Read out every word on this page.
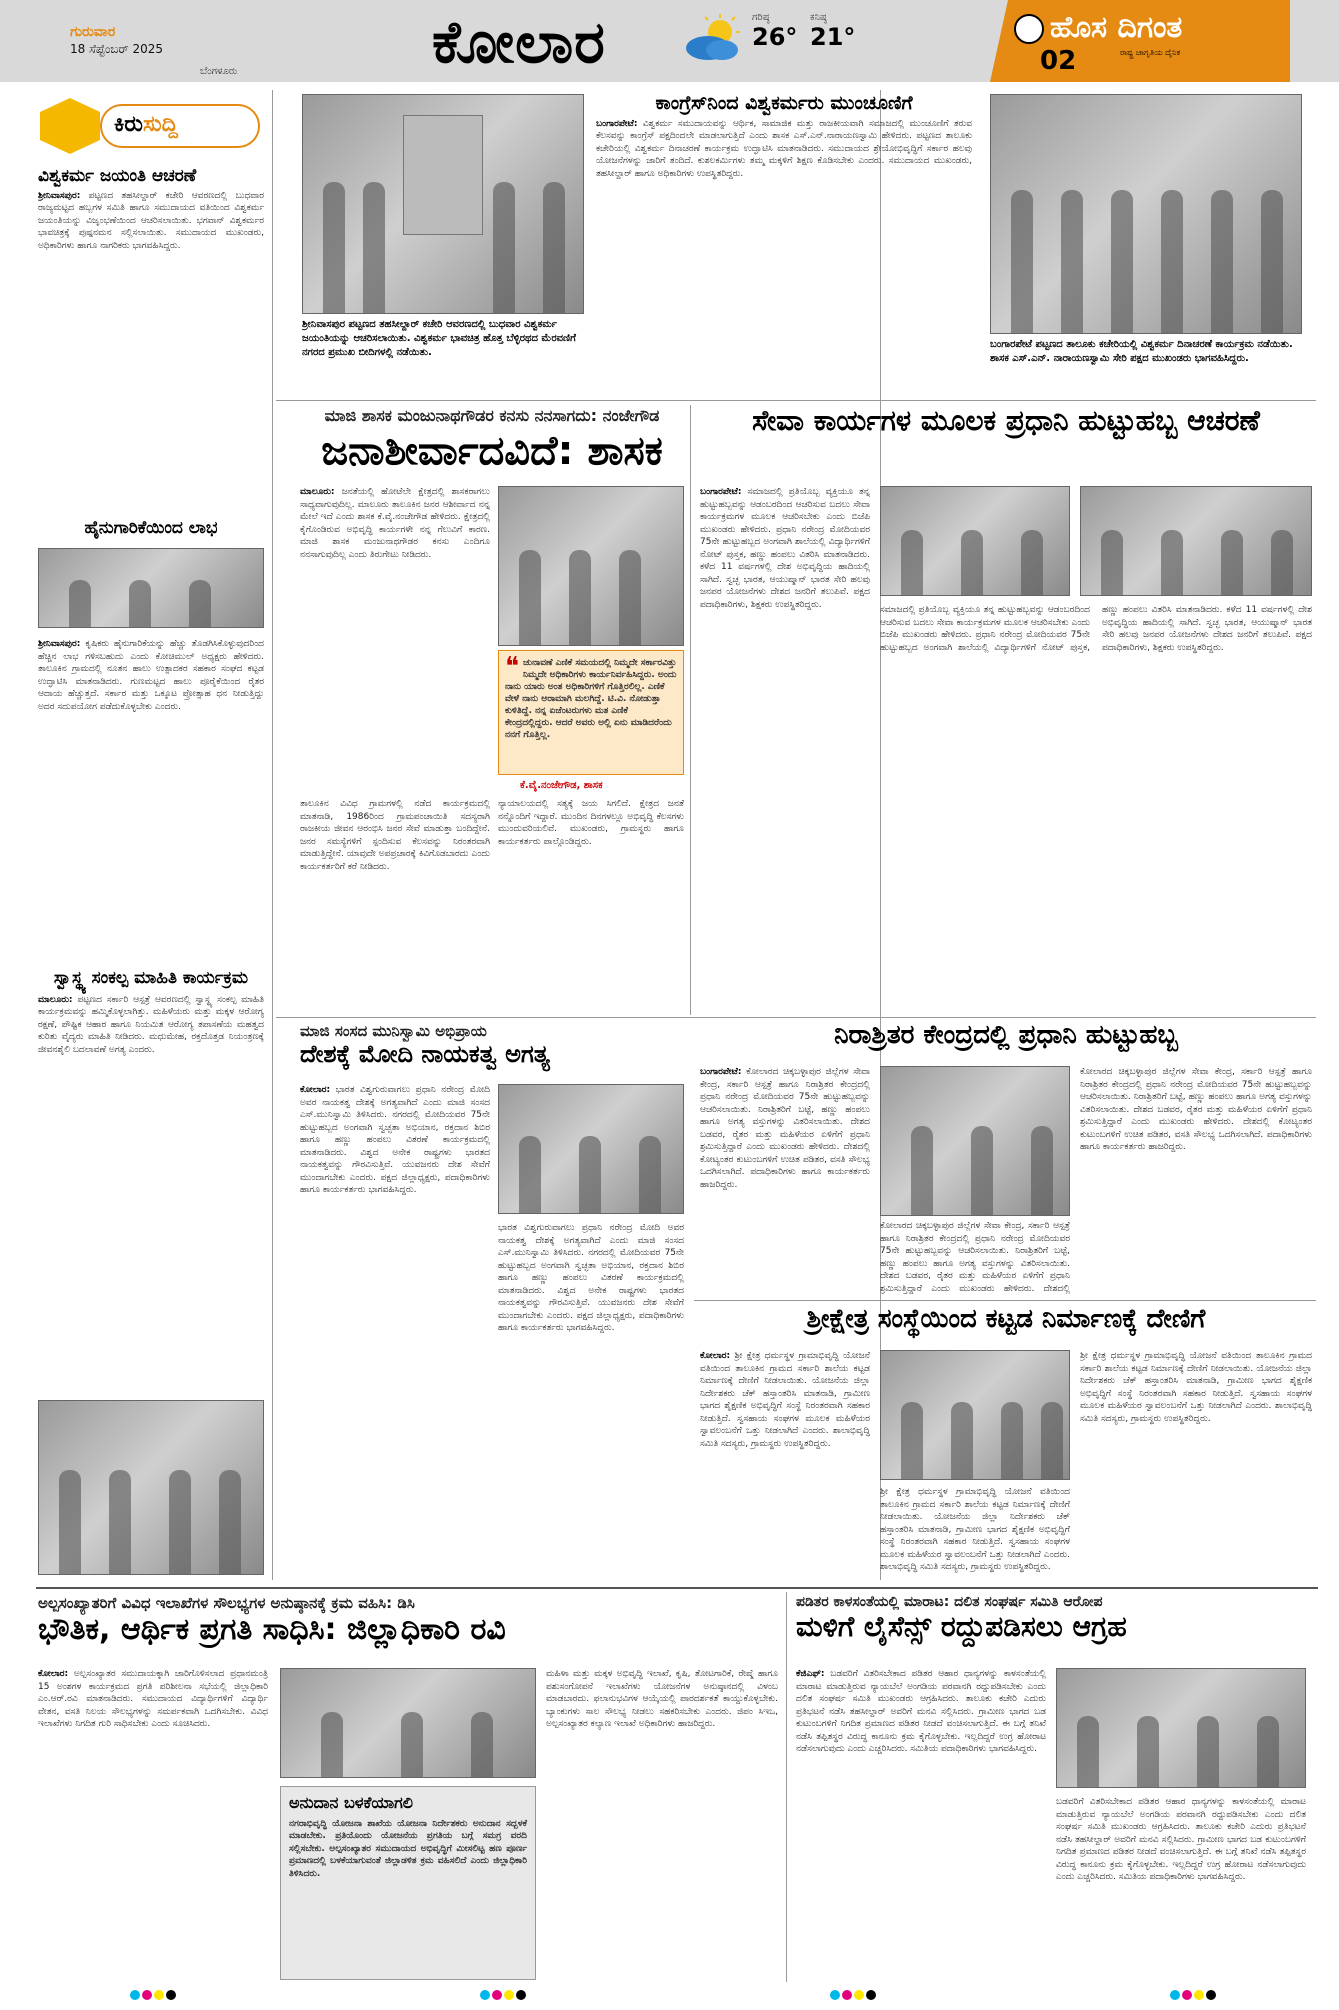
ಗುರುವಾರ
18 ಸೆಪ್ಟೆಂಬರ್ 2025
ಬೆಂಗಳೂರು	ಕೋಲಾರ	ಗರಿಷ್ಠ
26°
ಕನಿಷ್ಠ
21°	ಹೊಸ ದಿಗಂತ
ರಾಷ್ಟ್ರ ಜಾಗೃತಿಯ ದೈನಿಕ
02
ಕಿರುಸುದ್ದಿ
ವಿಶ್ವಕರ್ಮ ಜಯಂತಿ ಆಚರಣೆ
ಶ್ರೀನಿವಾಸಪುರ: ಪಟ್ಟಣದ ತಹಸೀಲ್ದಾರ್ ಕಚೇರಿ ಆವರಣದಲ್ಲಿ ಬುಧವಾರ ರಾಜ್ಯಮಟ್ಟದ ಹಬ್ಬಗಳ ಸಮಿತಿ ಹಾಗೂ ಸಮುದಾಯದ ವತಿಯಿಂದ ವಿಶ್ವಕರ್ಮ ಜಯಂತಿಯನ್ನು ವಿಜೃಂಭಣೆಯಿಂದ ಆಚರಿಸಲಾಯಿತು. ಭಗವಾನ್ ವಿಶ್ವಕರ್ಮರ ಭಾವಚಿತ್ರಕ್ಕೆ ಪುಷ್ಪನಮನ ಸಲ್ಲಿಸಲಾಯಿತು. ಸಮುದಾಯದ ಮುಖಂಡರು, ಅಧಿಕಾರಿಗಳು ಹಾಗೂ ನಾಗರಿಕರು ಭಾಗವಹಿಸಿದ್ದರು.
ಹೈನುಗಾರಿಕೆಯಿಂದ ಲಾಭ
ಶ್ರೀನಿವಾಸಪುರ: ಕೃಷಿಕರು ಹೈನುಗಾರಿಕೆಯನ್ನು ಹೆಚ್ಚು ತೊಡಗಿಸಿಕೊಳ್ಳುವುದರಿಂದ ಹೆಚ್ಚಿನ ಲಾಭ ಗಳಿಸಬಹುದು ಎಂದು ಕೋಚಿಮುಲ್ ಅಧ್ಯಕ್ಷರು ಹೇಳಿದರು. ತಾಲೂಕಿನ ಗ್ರಾಮದಲ್ಲಿ ನೂತನ ಹಾಲು ಉತ್ಪಾದಕರ ಸಹಕಾರ ಸಂಘದ ಕಟ್ಟಡ ಉದ್ಘಾಟಿಸಿ ಮಾತನಾಡಿದರು. ಗುಣಮಟ್ಟದ ಹಾಲು ಪೂರೈಕೆಯಿಂದ ರೈತರ ಆದಾಯ ಹೆಚ್ಚುತ್ತದೆ. ಸರ್ಕಾರ ಮತ್ತು ಒಕ್ಕೂಟ ಪ್ರೋತ್ಸಾಹ ಧನ ನೀಡುತ್ತಿದ್ದು ಅದರ ಸದುಪಯೋಗ ಪಡೆದುಕೊಳ್ಳಬೇಕು ಎಂದರು.
ಸ್ವಾಸ್ಥ್ಯ ಸಂಕಲ್ಪ ಮಾಹಿತಿ ಕಾರ್ಯಕ್ರಮ
ಮಾಲೂರು: ಪಟ್ಟಣದ ಸರ್ಕಾರಿ ಆಸ್ಪತ್ರೆ ಆವರಣದಲ್ಲಿ ಸ್ವಾಸ್ಥ್ಯ ಸಂಕಲ್ಪ ಮಾಹಿತಿ ಕಾರ್ಯಕ್ರಮವನ್ನು ಹಮ್ಮಿಕೊಳ್ಳಲಾಗಿತ್ತು. ಮಹಿಳೆಯರು ಮತ್ತು ಮಕ್ಕಳ ಆರೋಗ್ಯ ರಕ್ಷಣೆ, ಪೌಷ್ಟಿಕ ಆಹಾರ ಹಾಗೂ ನಿಯಮಿತ ಆರೋಗ್ಯ ತಪಾಸಣೆಯ ಮಹತ್ವದ ಕುರಿತು ವೈದ್ಯರು ಮಾಹಿತಿ ನೀಡಿದರು. ಮಧುಮೇಹ, ರಕ್ತದೊತ್ತಡ ನಿಯಂತ್ರಣಕ್ಕೆ ಜೀವನಶೈಲಿ ಬದಲಾವಣೆ ಅಗತ್ಯ ಎಂದರು.
ಶ್ರೀನಿವಾಸಪುರ ಪಟ್ಟಣದ ತಹಸೀಲ್ದಾರ್ ಕಚೇರಿ ಆವರಣದಲ್ಲಿ ಬುಧವಾರ ವಿಶ್ವಕರ್ಮ ಜಯಂತಿಯನ್ನು ಆಚರಿಸಲಾಯಿತು. ವಿಶ್ವಕರ್ಮ ಭಾವಚಿತ್ರ ಹೊತ್ತ ಬೆಳ್ಳಿರಥದ ಮೆರವಣಿಗೆ ನಗರದ ಪ್ರಮುಖ ಬೀದಿಗಳಲ್ಲಿ ನಡೆಯಿತು.
ಕಾಂಗ್ರೆಸ್‌ನಿಂದ ವಿಶ್ವಕರ್ಮರು ಮುಂಚೂಣಿಗೆ
ಬಂಗಾರಪೇಟೆ: ವಿಶ್ವಕರ್ಮ ಸಮುದಾಯವನ್ನು ಆರ್ಥಿಕ, ಸಾಮಾಜಿಕ ಮತ್ತು ರಾಜಕೀಯವಾಗಿ ಸಮಾಜದಲ್ಲಿ ಮುಂಚೂಣಿಗೆ ತರುವ ಕೆಲಸವನ್ನು ಕಾಂಗ್ರೆಸ್ ಪಕ್ಷದಿಂದಲೇ ಮಾಡಲಾಗುತ್ತಿದೆ ಎಂದು ಶಾಸಕ ಎಸ್.ಎನ್.ನಾರಾಯಣಸ್ವಾಮಿ ಹೇಳಿದರು. ಪಟ್ಟಣದ ತಾಲೂಕು ಕಚೇರಿಯಲ್ಲಿ ವಿಶ್ವಕರ್ಮ ದಿನಾಚರಣೆ ಕಾರ್ಯಕ್ರಮ ಉದ್ಘಾಟಿಸಿ ಮಾತನಾಡಿದರು. ಸಮುದಾಯದ ಶ್ರೇಯೋಭಿವೃದ್ಧಿಗೆ ಸರ್ಕಾರ ಹಲವು ಯೋಜನೆಗಳನ್ನು ಜಾರಿಗೆ ತಂದಿದೆ. ಕುಶಲಕರ್ಮಿಗಳು ತಮ್ಮ ಮಕ್ಕಳಿಗೆ ಶಿಕ್ಷಣ ಕೊಡಿಸಬೇಕು ಎಂದರು. ಸಮುದಾಯದ ಮುಖಂಡರು, ತಹಸೀಲ್ದಾರ್ ಹಾಗೂ ಅಧಿಕಾರಿಗಳು ಉಪಸ್ಥಿತರಿದ್ದರು.
ಬಂಗಾರಪೇಟೆ ಪಟ್ಟಣದ ತಾಲೂಕು ಕಚೇರಿಯಲ್ಲಿ ವಿಶ್ವಕರ್ಮ ದಿನಾಚರಣೆ ಕಾರ್ಯಕ್ರಮ ನಡೆಯಿತು. ಶಾಸಕ ಎಸ್.ಎನ್. ನಾರಾಯಣಸ್ವಾಮಿ ಸೇರಿ ಪಕ್ಷದ ಮುಖಂಡರು ಭಾಗವಹಿಸಿದ್ದರು.
ಮಾಜಿ ಶಾಸಕ ಮಂಜುನಾಥಗೌಡರ ಕನಸು ನನಸಾಗದು: ನಂಜೇಗೌಡ
ಜನಾಶೀರ್ವಾದವಿದೆ: ಶಾಸಕ
ಮಾಲೂರು: ಜನತೆಯಲ್ಲಿ ಹೋಟೆಲೇ ಕ್ಷೇತ್ರದಲ್ಲಿ ಶಾಸಕರಾಗಲು ಸಾಧ್ಯವಾಗುವುದಿಲ್ಲ. ಮಾಲೂರು ತಾಲೂಕಿನ ಜನರ ಆಶೀರ್ವಾದ ನನ್ನ ಮೇಲೆ ಇದೆ ಎಂದು ಶಾಸಕ ಕೆ.ವೈ.ನಂಜೇಗೌಡ ಹೇಳಿದರು. ಕ್ಷೇತ್ರದಲ್ಲಿ ಕೈಗೊಂಡಿರುವ ಅಭಿವೃದ್ಧಿ ಕಾರ್ಯಗಳೇ ನನ್ನ ಗೆಲುವಿಗೆ ಕಾರಣ. ಮಾಜಿ ಶಾಸಕ ಮಂಜುನಾಥಗೌಡರ ಕನಸು ಎಂದಿಗೂ ನನಸಾಗುವುದಿಲ್ಲ ಎಂದು ತಿರುಗೇಟು ನೀಡಿದರು.
❝ ಚುನಾವಣೆ ಎಣಿಕೆ ಸಮಯದಲ್ಲಿ ನಿಮ್ಮದೇ ಸರ್ಕಾರವಿತ್ತು ನಿಮ್ಮದೇ ಅಧಿಕಾರಿಗಳು ಕಾರ್ಯನಿರ್ವಹಿಸಿದ್ದರು. ಅಂದು ನಾನು ಯಾರು ಅಂತ ಅಧಿಕಾರಿಗಳಿಗೆ ಗೊತ್ತಿರಲಿಲ್ಲ. ಎಣಿಕೆ ವೇಳೆ ನಾನು ಆರಾಮಾಗಿ ಮಲಗಿದ್ದೆ. ಟಿ.ವಿ. ನೋಡುತ್ತಾ ಕುಳಿತಿದ್ದೆ. ನನ್ನ ಏಜೆಂಟರುಗಳು ಮತ ಎಣಿಕೆ ಕೇಂದ್ರದಲ್ಲಿದ್ದರು. ಆದರೆ ಅವರು ಅಲ್ಲಿ ಏನು ಮಾಡಿದರೆಂದು ನನಗೆ ಗೊತ್ತಿಲ್ಲ.
ಕೆ.ವೈ.ನಂಜೇಗೌಡ, ಶಾಸಕ
ತಾಲೂಕಿನ ವಿವಿಧ ಗ್ರಾಮಗಳಲ್ಲಿ ನಡೆದ ಕಾರ್ಯಕ್ರಮದಲ್ಲಿ ಮಾತನಾಡಿ, 1986ರಿಂದ ಗ್ರಾಮಪಂಚಾಯಿತಿ ಸದಸ್ಯರಾಗಿ ರಾಜಕೀಯ ಜೀವನ ಆರಂಭಿಸಿ ಜನರ ಸೇವೆ ಮಾಡುತ್ತಾ ಬಂದಿದ್ದೇನೆ. ಜನರ ಸಮಸ್ಯೆಗಳಿಗೆ ಸ್ಪಂದಿಸುವ ಕೆಲಸವನ್ನು ನಿರಂತರವಾಗಿ ಮಾಡುತ್ತಿದ್ದೇನೆ. ಯಾವುದೇ ಅಪಪ್ರಚಾರಕ್ಕೆ ಕಿವಿಗೊಡಬಾರದು ಎಂದು ಕಾರ್ಯಕರ್ತರಿಗೆ ಕರೆ ನೀಡಿದರು.
ನ್ಯಾಯಾಲಯದಲ್ಲಿ ಸತ್ಯಕ್ಕೆ ಜಯ ಸಿಗಲಿದೆ. ಕ್ಷೇತ್ರದ ಜನತೆ ನನ್ನೊಂದಿಗೆ ಇದ್ದಾರೆ. ಮುಂದಿನ ದಿನಗಳಲ್ಲೂ ಅಭಿವೃದ್ಧಿ ಕೆಲಸಗಳು ಮುಂದುವರಿಯಲಿವೆ. ಮುಖಂಡರು, ಗ್ರಾಮಸ್ಥರು ಹಾಗೂ ಕಾರ್ಯಕರ್ತರು ಪಾಲ್ಗೊಂಡಿದ್ದರು.
ಸೇವಾ ಕಾರ್ಯಗಳ ಮೂಲಕ ಪ್ರಧಾನಿ ಹುಟ್ಟುಹಬ್ಬ ಆಚರಣೆ
ಬಂಗಾರಪೇಟೆ: ಸಮಾಜದಲ್ಲಿ ಪ್ರತಿಯೊಬ್ಬ ವ್ಯಕ್ತಿಯೂ ತನ್ನ ಹುಟ್ಟುಹಬ್ಬವನ್ನು ಆಡಂಬರದಿಂದ ಆಚರಿಸುವ ಬದಲು ಸೇವಾ ಕಾರ್ಯಕ್ರಮಗಳ ಮೂಲಕ ಆಚರಿಸಬೇಕು ಎಂದು ಬಿಜೆಪಿ ಮುಖಂಡರು ಹೇಳಿದರು. ಪ್ರಧಾನಿ ನರೇಂದ್ರ ಮೋದಿಯವರ 75ನೇ ಹುಟ್ಟುಹಬ್ಬದ ಅಂಗವಾಗಿ ಶಾಲೆಯಲ್ಲಿ ವಿದ್ಯಾರ್ಥಿಗಳಿಗೆ ನೋಟ್ ಪುಸ್ತಕ, ಹಣ್ಣು ಹಂಪಲು ವಿತರಿಸಿ ಮಾತನಾಡಿದರು. ಕಳೆದ 11 ವರ್ಷಗಳಲ್ಲಿ ದೇಶ ಅಭಿವೃದ್ಧಿಯ ಹಾದಿಯಲ್ಲಿ ಸಾಗಿದೆ. ಸ್ವಚ್ಛ ಭಾರತ, ಆಯುಷ್ಮಾನ್ ಭಾರತ ಸೇರಿ ಹಲವು ಜನಪರ ಯೋಜನೆಗಳು ದೇಶದ ಜನರಿಗೆ ತಲುಪಿವೆ. ಪಕ್ಷದ ಪದಾಧಿಕಾರಿಗಳು, ಶಿಕ್ಷಕರು ಉಪಸ್ಥಿತರಿದ್ದರು.
ಸಮಾಜದಲ್ಲಿ ಪ್ರತಿಯೊಬ್ಬ ವ್ಯಕ್ತಿಯೂ ತನ್ನ ಹುಟ್ಟುಹಬ್ಬವನ್ನು ಆಡಂಬರದಿಂದ ಆಚರಿಸುವ ಬದಲು ಸೇವಾ ಕಾರ್ಯಕ್ರಮಗಳ ಮೂಲಕ ಆಚರಿಸಬೇಕು ಎಂದು ಬಿಜೆಪಿ ಮುಖಂಡರು ಹೇಳಿದರು. ಪ್ರಧಾನಿ ನರೇಂದ್ರ ಮೋದಿಯವರ 75ನೇ ಹುಟ್ಟುಹಬ್ಬದ ಅಂಗವಾಗಿ ಶಾಲೆಯಲ್ಲಿ ವಿದ್ಯಾರ್ಥಿಗಳಿಗೆ ನೋಟ್ ಪುಸ್ತಕ, ಹಣ್ಣು ಹಂಪಲು ವಿತರಿಸಿ ಮಾತನಾಡಿದರು. ಕಳೆದ 11 ವರ್ಷಗಳಲ್ಲಿ ದೇಶ ಅಭಿವೃದ್ಧಿಯ ಹಾದಿಯಲ್ಲಿ ಸಾಗಿದೆ. ಸ್ವಚ್ಛ ಭಾರತ, ಆಯುಷ್ಮಾನ್ ಭಾರತ ಸೇರಿ ಹಲವು ಜನಪರ ಯೋಜನೆಗಳು ದೇಶದ ಜನರಿಗೆ ತಲುಪಿವೆ. ಪಕ್ಷದ ಪದಾಧಿಕಾರಿಗಳು, ಶಿಕ್ಷಕರು ಉಪಸ್ಥಿತರಿದ್ದರು.
ಮಾಜಿ ಸಂಸದ ಮುನಿಸ್ವಾಮಿ ಅಭಿಪ್ರಾಯ
ದೇಶಕ್ಕೆ ಮೋದಿ ನಾಯಕತ್ವ ಅಗತ್ಯ
ಕೋಲಾರ: ಭಾರತ ವಿಶ್ವಗುರುವಾಗಲು ಪ್ರಧಾನಿ ನರೇಂದ್ರ ಮೋದಿ ಅವರ ನಾಯಕತ್ವ ದೇಶಕ್ಕೆ ಅಗತ್ಯವಾಗಿದೆ ಎಂದು ಮಾಜಿ ಸಂಸದ ಎಸ್.ಮುನಿಸ್ವಾಮಿ ತಿಳಿಸಿದರು. ನಗರದಲ್ಲಿ ಮೋದಿಯವರ 75ನೇ ಹುಟ್ಟುಹಬ್ಬದ ಅಂಗವಾಗಿ ಸ್ವಚ್ಛತಾ ಅಭಿಯಾನ, ರಕ್ತದಾನ ಶಿಬಿರ ಹಾಗೂ ಹಣ್ಣು ಹಂಪಲು ವಿತರಣೆ ಕಾರ್ಯಕ್ರಮದಲ್ಲಿ ಮಾತನಾಡಿದರು. ವಿಶ್ವದ ಅನೇಕ ರಾಷ್ಟ್ರಗಳು ಭಾರತದ ನಾಯಕತ್ವವನ್ನು ಗೌರವಿಸುತ್ತಿವೆ. ಯುವಜನರು ದೇಶ ಸೇವೆಗೆ ಮುಂದಾಗಬೇಕು ಎಂದರು. ಪಕ್ಷದ ಜಿಲ್ಲಾಧ್ಯಕ್ಷರು, ಪದಾಧಿಕಾರಿಗಳು ಹಾಗೂ ಕಾರ್ಯಕರ್ತರು ಭಾಗವಹಿಸಿದ್ದರು.
ಭಾರತ ವಿಶ್ವಗುರುವಾಗಲು ಪ್ರಧಾನಿ ನರೇಂದ್ರ ಮೋದಿ ಅವರ ನಾಯಕತ್ವ ದೇಶಕ್ಕೆ ಅಗತ್ಯವಾಗಿದೆ ಎಂದು ಮಾಜಿ ಸಂಸದ ಎಸ್.ಮುನಿಸ್ವಾಮಿ ತಿಳಿಸಿದರು. ನಗರದಲ್ಲಿ ಮೋದಿಯವರ 75ನೇ ಹುಟ್ಟುಹಬ್ಬದ ಅಂಗವಾಗಿ ಸ್ವಚ್ಛತಾ ಅಭಿಯಾನ, ರಕ್ತದಾನ ಶಿಬಿರ ಹಾಗೂ ಹಣ್ಣು ಹಂಪಲು ವಿತರಣೆ ಕಾರ್ಯಕ್ರಮದಲ್ಲಿ ಮಾತನಾಡಿದರು. ವಿಶ್ವದ ಅನೇಕ ರಾಷ್ಟ್ರಗಳು ಭಾರತದ ನಾಯಕತ್ವವನ್ನು ಗೌರವಿಸುತ್ತಿವೆ. ಯುವಜನರು ದೇಶ ಸೇವೆಗೆ ಮುಂದಾಗಬೇಕು ಎಂದರು. ಪಕ್ಷದ ಜಿಲ್ಲಾಧ್ಯಕ್ಷರು, ಪದಾಧಿಕಾರಿಗಳು ಹಾಗೂ ಕಾರ್ಯಕರ್ತರು ಭಾಗವಹಿಸಿದ್ದರು.
ನಿರಾಶ್ರಿತರ ಕೇಂದ್ರದಲ್ಲಿ ಪ್ರಧಾನಿ ಹುಟ್ಟುಹಬ್ಬ
ಬಂಗಾರಪೇಟೆ: ಕೋಲಾರದ ಚಿಕ್ಕಬಳ್ಳಾಪುರ ಜಿಲ್ಲೆಗಳ ಸೇವಾ ಕೇಂದ್ರ, ಸರ್ಕಾರಿ ಆಸ್ಪತ್ರೆ ಹಾಗೂ ನಿರಾಶ್ರಿತರ ಕೇಂದ್ರದಲ್ಲಿ ಪ್ರಧಾನಿ ನರೇಂದ್ರ ಮೋದಿಯವರ 75ನೇ ಹುಟ್ಟುಹಬ್ಬವನ್ನು ಆಚರಿಸಲಾಯಿತು. ನಿರಾಶ್ರಿತರಿಗೆ ಬಟ್ಟೆ, ಹಣ್ಣು ಹಂಪಲು ಹಾಗೂ ಅಗತ್ಯ ವಸ್ತುಗಳನ್ನು ವಿತರಿಸಲಾಯಿತು. ದೇಶದ ಬಡವರ, ರೈತರ ಮತ್ತು ಮಹಿಳೆಯರ ಏಳಿಗೆಗೆ ಪ್ರಧಾನಿ ಶ್ರಮಿಸುತ್ತಿದ್ದಾರೆ ಎಂದು ಮುಖಂಡರು ಹೇಳಿದರು. ದೇಶದಲ್ಲಿ ಕೋಟ್ಯಂತರ ಕುಟುಂಬಗಳಿಗೆ ಉಚಿತ ಪಡಿತರ, ವಸತಿ ಸೌಲಭ್ಯ ಒದಗಿಸಲಾಗಿದೆ. ಪದಾಧಿಕಾರಿಗಳು ಹಾಗೂ ಕಾರ್ಯಕರ್ತರು ಹಾಜರಿದ್ದರು.
ಕೋಲಾರದ ಚಿಕ್ಕಬಳ್ಳಾಪುರ ಜಿಲ್ಲೆಗಳ ಸೇವಾ ಕೇಂದ್ರ, ಸರ್ಕಾರಿ ಆಸ್ಪತ್ರೆ ಹಾಗೂ ನಿರಾಶ್ರಿತರ ಕೇಂದ್ರದಲ್ಲಿ ಪ್ರಧಾನಿ ನರೇಂದ್ರ ಮೋದಿಯವರ 75ನೇ ಹುಟ್ಟುಹಬ್ಬವನ್ನು ಆಚರಿಸಲಾಯಿತು. ನಿರಾಶ್ರಿತರಿಗೆ ಬಟ್ಟೆ, ಹಣ್ಣು ಹಂಪಲು ಹಾಗೂ ಅಗತ್ಯ ವಸ್ತುಗಳನ್ನು ವಿತರಿಸಲಾಯಿತು. ದೇಶದ ಬಡವರ, ರೈತರ ಮತ್ತು ಮಹಿಳೆಯರ ಏಳಿಗೆಗೆ ಪ್ರಧಾನಿ ಶ್ರಮಿಸುತ್ತಿದ್ದಾರೆ ಎಂದು ಮುಖಂಡರು ಹೇಳಿದರು. ದೇಶದಲ್ಲಿ
ಕೋಲಾರದ ಚಿಕ್ಕಬಳ್ಳಾಪುರ ಜಿಲ್ಲೆಗಳ ಸೇವಾ ಕೇಂದ್ರ, ಸರ್ಕಾರಿ ಆಸ್ಪತ್ರೆ ಹಾಗೂ ನಿರಾಶ್ರಿತರ ಕೇಂದ್ರದಲ್ಲಿ ಪ್ರಧಾನಿ ನರೇಂದ್ರ ಮೋದಿಯವರ 75ನೇ ಹುಟ್ಟುಹಬ್ಬವನ್ನು ಆಚರಿಸಲಾಯಿತು. ನಿರಾಶ್ರಿತರಿಗೆ ಬಟ್ಟೆ, ಹಣ್ಣು ಹಂಪಲು ಹಾಗೂ ಅಗತ್ಯ ವಸ್ತುಗಳನ್ನು ವಿತರಿಸಲಾಯಿತು. ದೇಶದ ಬಡವರ, ರೈತರ ಮತ್ತು ಮಹಿಳೆಯರ ಏಳಿಗೆಗೆ ಪ್ರಧಾನಿ ಶ್ರಮಿಸುತ್ತಿದ್ದಾರೆ ಎಂದು ಮುಖಂಡರು ಹೇಳಿದರು. ದೇಶದಲ್ಲಿ ಕೋಟ್ಯಂತರ ಕುಟುಂಬಗಳಿಗೆ ಉಚಿತ ಪಡಿತರ, ವಸತಿ ಸೌಲಭ್ಯ ಒದಗಿಸಲಾಗಿದೆ. ಪದಾಧಿಕಾರಿಗಳು ಹಾಗೂ ಕಾರ್ಯಕರ್ತರು ಹಾಜರಿದ್ದರು.
ಶ್ರೀಕ್ಷೇತ್ರ ಸಂಸ್ಥೆಯಿಂದ ಕಟ್ಟಡ ನಿರ್ಮಾಣಕ್ಕೆ ದೇಣಿಗೆ
ಕೋಲಾರ: ಶ್ರೀ ಕ್ಷೇತ್ರ ಧರ್ಮಸ್ಥಳ ಗ್ರಾಮಾಭಿವೃದ್ಧಿ ಯೋಜನೆ ವತಿಯಿಂದ ತಾಲೂಕಿನ ಗ್ರಾಮದ ಸರ್ಕಾರಿ ಶಾಲೆಯ ಕಟ್ಟಡ ನಿರ್ಮಾಣಕ್ಕೆ ದೇಣಿಗೆ ನೀಡಲಾಯಿತು. ಯೋಜನೆಯ ಜಿಲ್ಲಾ ನಿರ್ದೇಶಕರು ಚೆಕ್ ಹಸ್ತಾಂತರಿಸಿ ಮಾತನಾಡಿ, ಗ್ರಾಮೀಣ ಭಾಗದ ಶೈಕ್ಷಣಿಕ ಅಭಿವೃದ್ಧಿಗೆ ಸಂಸ್ಥೆ ನಿರಂತರವಾಗಿ ಸಹಕಾರ ನೀಡುತ್ತಿದೆ. ಸ್ವಸಹಾಯ ಸಂಘಗಳ ಮೂಲಕ ಮಹಿಳೆಯರ ಸ್ವಾವಲಂಬನೆಗೆ ಒತ್ತು ನೀಡಲಾಗಿದೆ ಎಂದರು. ಶಾಲಾಭಿವೃದ್ಧಿ ಸಮಿತಿ ಸದಸ್ಯರು, ಗ್ರಾಮಸ್ಥರು ಉಪಸ್ಥಿತರಿದ್ದರು.
ಶ್ರೀ ಕ್ಷೇತ್ರ ಧರ್ಮಸ್ಥಳ ಗ್ರಾಮಾಭಿವೃದ್ಧಿ ಯೋಜನೆ ವತಿಯಿಂದ ತಾಲೂಕಿನ ಗ್ರಾಮದ ಸರ್ಕಾರಿ ಶಾಲೆಯ ಕಟ್ಟಡ ನಿರ್ಮಾಣಕ್ಕೆ ದೇಣಿಗೆ ನೀಡಲಾಯಿತು. ಯೋಜನೆಯ ಜಿಲ್ಲಾ ನಿರ್ದೇಶಕರು ಚೆಕ್ ಹಸ್ತಾಂತರಿಸಿ ಮಾತನಾಡಿ, ಗ್ರಾಮೀಣ ಭಾಗದ ಶೈಕ್ಷಣಿಕ ಅಭಿವೃದ್ಧಿಗೆ ಸಂಸ್ಥೆ ನಿರಂತರವಾಗಿ ಸಹಕಾರ ನೀಡುತ್ತಿದೆ. ಸ್ವಸಹಾಯ ಸಂಘಗಳ ಮೂಲಕ ಮಹಿಳೆಯರ ಸ್ವಾವಲಂಬನೆಗೆ ಒತ್ತು ನೀಡಲಾಗಿದೆ ಎಂದರು. ಶಾಲಾಭಿವೃದ್ಧಿ ಸಮಿತಿ ಸದಸ್ಯರು, ಗ್ರಾಮಸ್ಥರು ಉಪಸ್ಥಿತರಿದ್ದರು.
ಶ್ರೀ ಕ್ಷೇತ್ರ ಧರ್ಮಸ್ಥಳ ಗ್ರಾಮಾಭಿವೃದ್ಧಿ ಯೋಜನೆ ವತಿಯಿಂದ ತಾಲೂಕಿನ ಗ್ರಾಮದ ಸರ್ಕಾರಿ ಶಾಲೆಯ ಕಟ್ಟಡ ನಿರ್ಮಾಣಕ್ಕೆ ದೇಣಿಗೆ ನೀಡಲಾಯಿತು. ಯೋಜನೆಯ ಜಿಲ್ಲಾ ನಿರ್ದೇಶಕರು ಚೆಕ್ ಹಸ್ತಾಂತರಿಸಿ ಮಾತನಾಡಿ, ಗ್ರಾಮೀಣ ಭಾಗದ ಶೈಕ್ಷಣಿಕ ಅಭಿವೃದ್ಧಿಗೆ ಸಂಸ್ಥೆ ನಿರಂತರವಾಗಿ ಸಹಕಾರ ನೀಡುತ್ತಿದೆ. ಸ್ವಸಹಾಯ ಸಂಘಗಳ ಮೂಲಕ ಮಹಿಳೆಯರ ಸ್ವಾವಲಂಬನೆಗೆ ಒತ್ತು ನೀಡಲಾಗಿದೆ ಎಂದರು. ಶಾಲಾಭಿವೃದ್ಧಿ ಸಮಿತಿ ಸದಸ್ಯರು, ಗ್ರಾಮಸ್ಥರು ಉಪಸ್ಥಿತರಿದ್ದರು.
ಅಲ್ಪಸಂಖ್ಯಾತರಿಗೆ ವಿವಿಧ ಇಲಾಖೆಗಳ ಸೌಲಭ್ಯಗಳ ಅನುಷ್ಠಾನಕ್ಕೆ ಕ್ರಮ ವಹಿಸಿ: ಡಿಸಿ
ಭೌತಿಕ, ಆರ್ಥಿಕ ಪ್ರಗತಿ ಸಾಧಿಸಿ: ಜಿಲ್ಲಾಧಿಕಾರಿ ರವಿ
ಕೋಲಾರ: ಅಲ್ಪಸಂಖ್ಯಾತರ ಸಮುದಾಯಕ್ಕಾಗಿ ಜಾರಿಗೊಳಿಸಲಾದ ಪ್ರಧಾನಮಂತ್ರಿ 15 ಅಂಶಗಳ ಕಾರ್ಯಕ್ರಮದ ಪ್ರಗತಿ ಪರಿಶೀಲನಾ ಸಭೆಯಲ್ಲಿ ಜಿಲ್ಲಾಧಿಕಾರಿ ಎಂ.ಆರ್.ರವಿ ಮಾತನಾಡಿದರು. ಸಮುದಾಯದ ವಿದ್ಯಾರ್ಥಿಗಳಿಗೆ ವಿದ್ಯಾರ್ಥಿ ವೇತನ, ವಸತಿ ನಿಲಯ ಸೌಲಭ್ಯಗಳನ್ನು ಸಮರ್ಪಕವಾಗಿ ಒದಗಿಸಬೇಕು. ವಿವಿಧ ಇಲಾಖೆಗಳು ನಿಗದಿತ ಗುರಿ ಸಾಧಿಸಬೇಕು ಎಂದು ಸೂಚಿಸಿದರು.
ಅನುದಾನ ಬಳಕೆಯಾಗಲಿ
ನಗರಾಭಿವೃದ್ಧಿ ಯೋಜನಾ ಶಾಖೆಯ ಯೋಜನಾ ನಿರ್ದೇಶಕರು ಅನುದಾನ ಸದ್ಬಳಕೆ ಮಾಡಬೇಕು. ಪ್ರತಿಯೊಂದು ಯೋಜನೆಯ ಪ್ರಗತಿಯ ಬಗ್ಗೆ ಸಮಗ್ರ ವರದಿ ಸಲ್ಲಿಸಬೇಕು. ಅಲ್ಪಸಂಖ್ಯಾತರ ಸಮುದಾಯದ ಅಭಿವೃದ್ಧಿಗೆ ಮೀಸಲಿಟ್ಟ ಹಣ ಪೂರ್ಣ ಪ್ರಮಾಣದಲ್ಲಿ ಬಳಕೆಯಾಗುವಂತೆ ಜಿಲ್ಲಾಡಳಿತ ಕ್ರಮ ವಹಿಸಲಿದೆ ಎಂದು ಜಿಲ್ಲಾಧಿಕಾರಿ ತಿಳಿಸಿದರು.
ಮಹಿಳಾ ಮತ್ತು ಮಕ್ಕಳ ಅಭಿವೃದ್ಧಿ ಇಲಾಖೆ, ಕೃಷಿ, ತೋಟಗಾರಿಕೆ, ರೇಷ್ಮೆ ಹಾಗೂ ಪಶುಸಂಗೋಪನೆ ಇಲಾಖೆಗಳು ಯೋಜನೆಗಳ ಅನುಷ್ಠಾನದಲ್ಲಿ ವಿಳಂಬ ಮಾಡಬಾರದು. ಫಲಾನುಭವಿಗಳ ಆಯ್ಕೆಯಲ್ಲಿ ಪಾರದರ್ಶಕತೆ ಕಾಯ್ದುಕೊಳ್ಳಬೇಕು. ಬ್ಯಾಂಕುಗಳು ಸಾಲ ಸೌಲಭ್ಯ ನೀಡಲು ಸಹಕರಿಸಬೇಕು ಎಂದರು. ಜಿಪಂ ಸಿಇಒ, ಅಲ್ಪಸಂಖ್ಯಾತರ ಕಲ್ಯಾಣ ಇಲಾಖೆ ಅಧಿಕಾರಿಗಳು ಹಾಜರಿದ್ದರು.
ಪಡಿತರ ಕಾಳಸಂತೆಯಲ್ಲಿ ಮಾರಾಟ: ದಲಿತ ಸಂಘರ್ಷ ಸಮಿತಿ ಆರೋಪ
ಮಳಿಗೆ ಲೈಸೆನ್ಸ್ ರದ್ದುಪಡಿಸಲು ಆಗ್ರಹ
ಕೆಜಿಎಫ್: ಬಡವರಿಗೆ ವಿತರಿಸಬೇಕಾದ ಪಡಿತರ ಆಹಾರ ಧಾನ್ಯಗಳನ್ನು ಕಾಳಸಂತೆಯಲ್ಲಿ ಮಾರಾಟ ಮಾಡುತ್ತಿರುವ ನ್ಯಾಯಬೆಲೆ ಅಂಗಡಿಯ ಪರವಾನಗಿ ರದ್ದುಪಡಿಸಬೇಕು ಎಂದು ದಲಿತ ಸಂಘರ್ಷ ಸಮಿತಿ ಮುಖಂಡರು ಆಗ್ರಹಿಸಿದರು. ತಾಲೂಕು ಕಚೇರಿ ಎದುರು ಪ್ರತಿಭಟನೆ ನಡೆಸಿ ತಹಸೀಲ್ದಾರ್ ಅವರಿಗೆ ಮನವಿ ಸಲ್ಲಿಸಿದರು. ಗ್ರಾಮೀಣ ಭಾಗದ ಬಡ ಕುಟುಂಬಗಳಿಗೆ ನಿಗದಿತ ಪ್ರಮಾಣದ ಪಡಿತರ ನೀಡದೆ ವಂಚಿಸಲಾಗುತ್ತಿದೆ. ಈ ಬಗ್ಗೆ ತನಿಖೆ ನಡೆಸಿ ತಪ್ಪಿತಸ್ಥರ ವಿರುದ್ಧ ಕಾನೂನು ಕ್ರಮ ಕೈಗೊಳ್ಳಬೇಕು. ಇಲ್ಲದಿದ್ದರೆ ಉಗ್ರ ಹೋರಾಟ ನಡೆಸಲಾಗುವುದು ಎಂದು ಎಚ್ಚರಿಸಿದರು. ಸಮಿತಿಯ ಪದಾಧಿಕಾರಿಗಳು ಭಾಗವಹಿಸಿದ್ದರು.
ಬಡವರಿಗೆ ವಿತರಿಸಬೇಕಾದ ಪಡಿತರ ಆಹಾರ ಧಾನ್ಯಗಳನ್ನು ಕಾಳಸಂತೆಯಲ್ಲಿ ಮಾರಾಟ ಮಾಡುತ್ತಿರುವ ನ್ಯಾಯಬೆಲೆ ಅಂಗಡಿಯ ಪರವಾನಗಿ ರದ್ದುಪಡಿಸಬೇಕು ಎಂದು ದಲಿತ ಸಂಘರ್ಷ ಸಮಿತಿ ಮುಖಂಡರು ಆಗ್ರಹಿಸಿದರು. ತಾಲೂಕು ಕಚೇರಿ ಎದುರು ಪ್ರತಿಭಟನೆ ನಡೆಸಿ ತಹಸೀಲ್ದಾರ್ ಅವರಿಗೆ ಮನವಿ ಸಲ್ಲಿಸಿದರು. ಗ್ರಾಮೀಣ ಭಾಗದ ಬಡ ಕುಟುಂಬಗಳಿಗೆ ನಿಗದಿತ ಪ್ರಮಾಣದ ಪಡಿತರ ನೀಡದೆ ವಂಚಿಸಲಾಗುತ್ತಿದೆ. ಈ ಬಗ್ಗೆ ತನಿಖೆ ನಡೆಸಿ ತಪ್ಪಿತಸ್ಥರ ವಿರುದ್ಧ ಕಾನೂನು ಕ್ರಮ ಕೈಗೊಳ್ಳಬೇಕು. ಇಲ್ಲದಿದ್ದರೆ ಉಗ್ರ ಹೋರಾಟ ನಡೆಸಲಾಗುವುದು ಎಂದು ಎಚ್ಚರಿಸಿದರು. ಸಮಿತಿಯ ಪದಾಧಿಕಾರಿಗಳು ಭಾಗವಹಿಸಿದ್ದರು.
